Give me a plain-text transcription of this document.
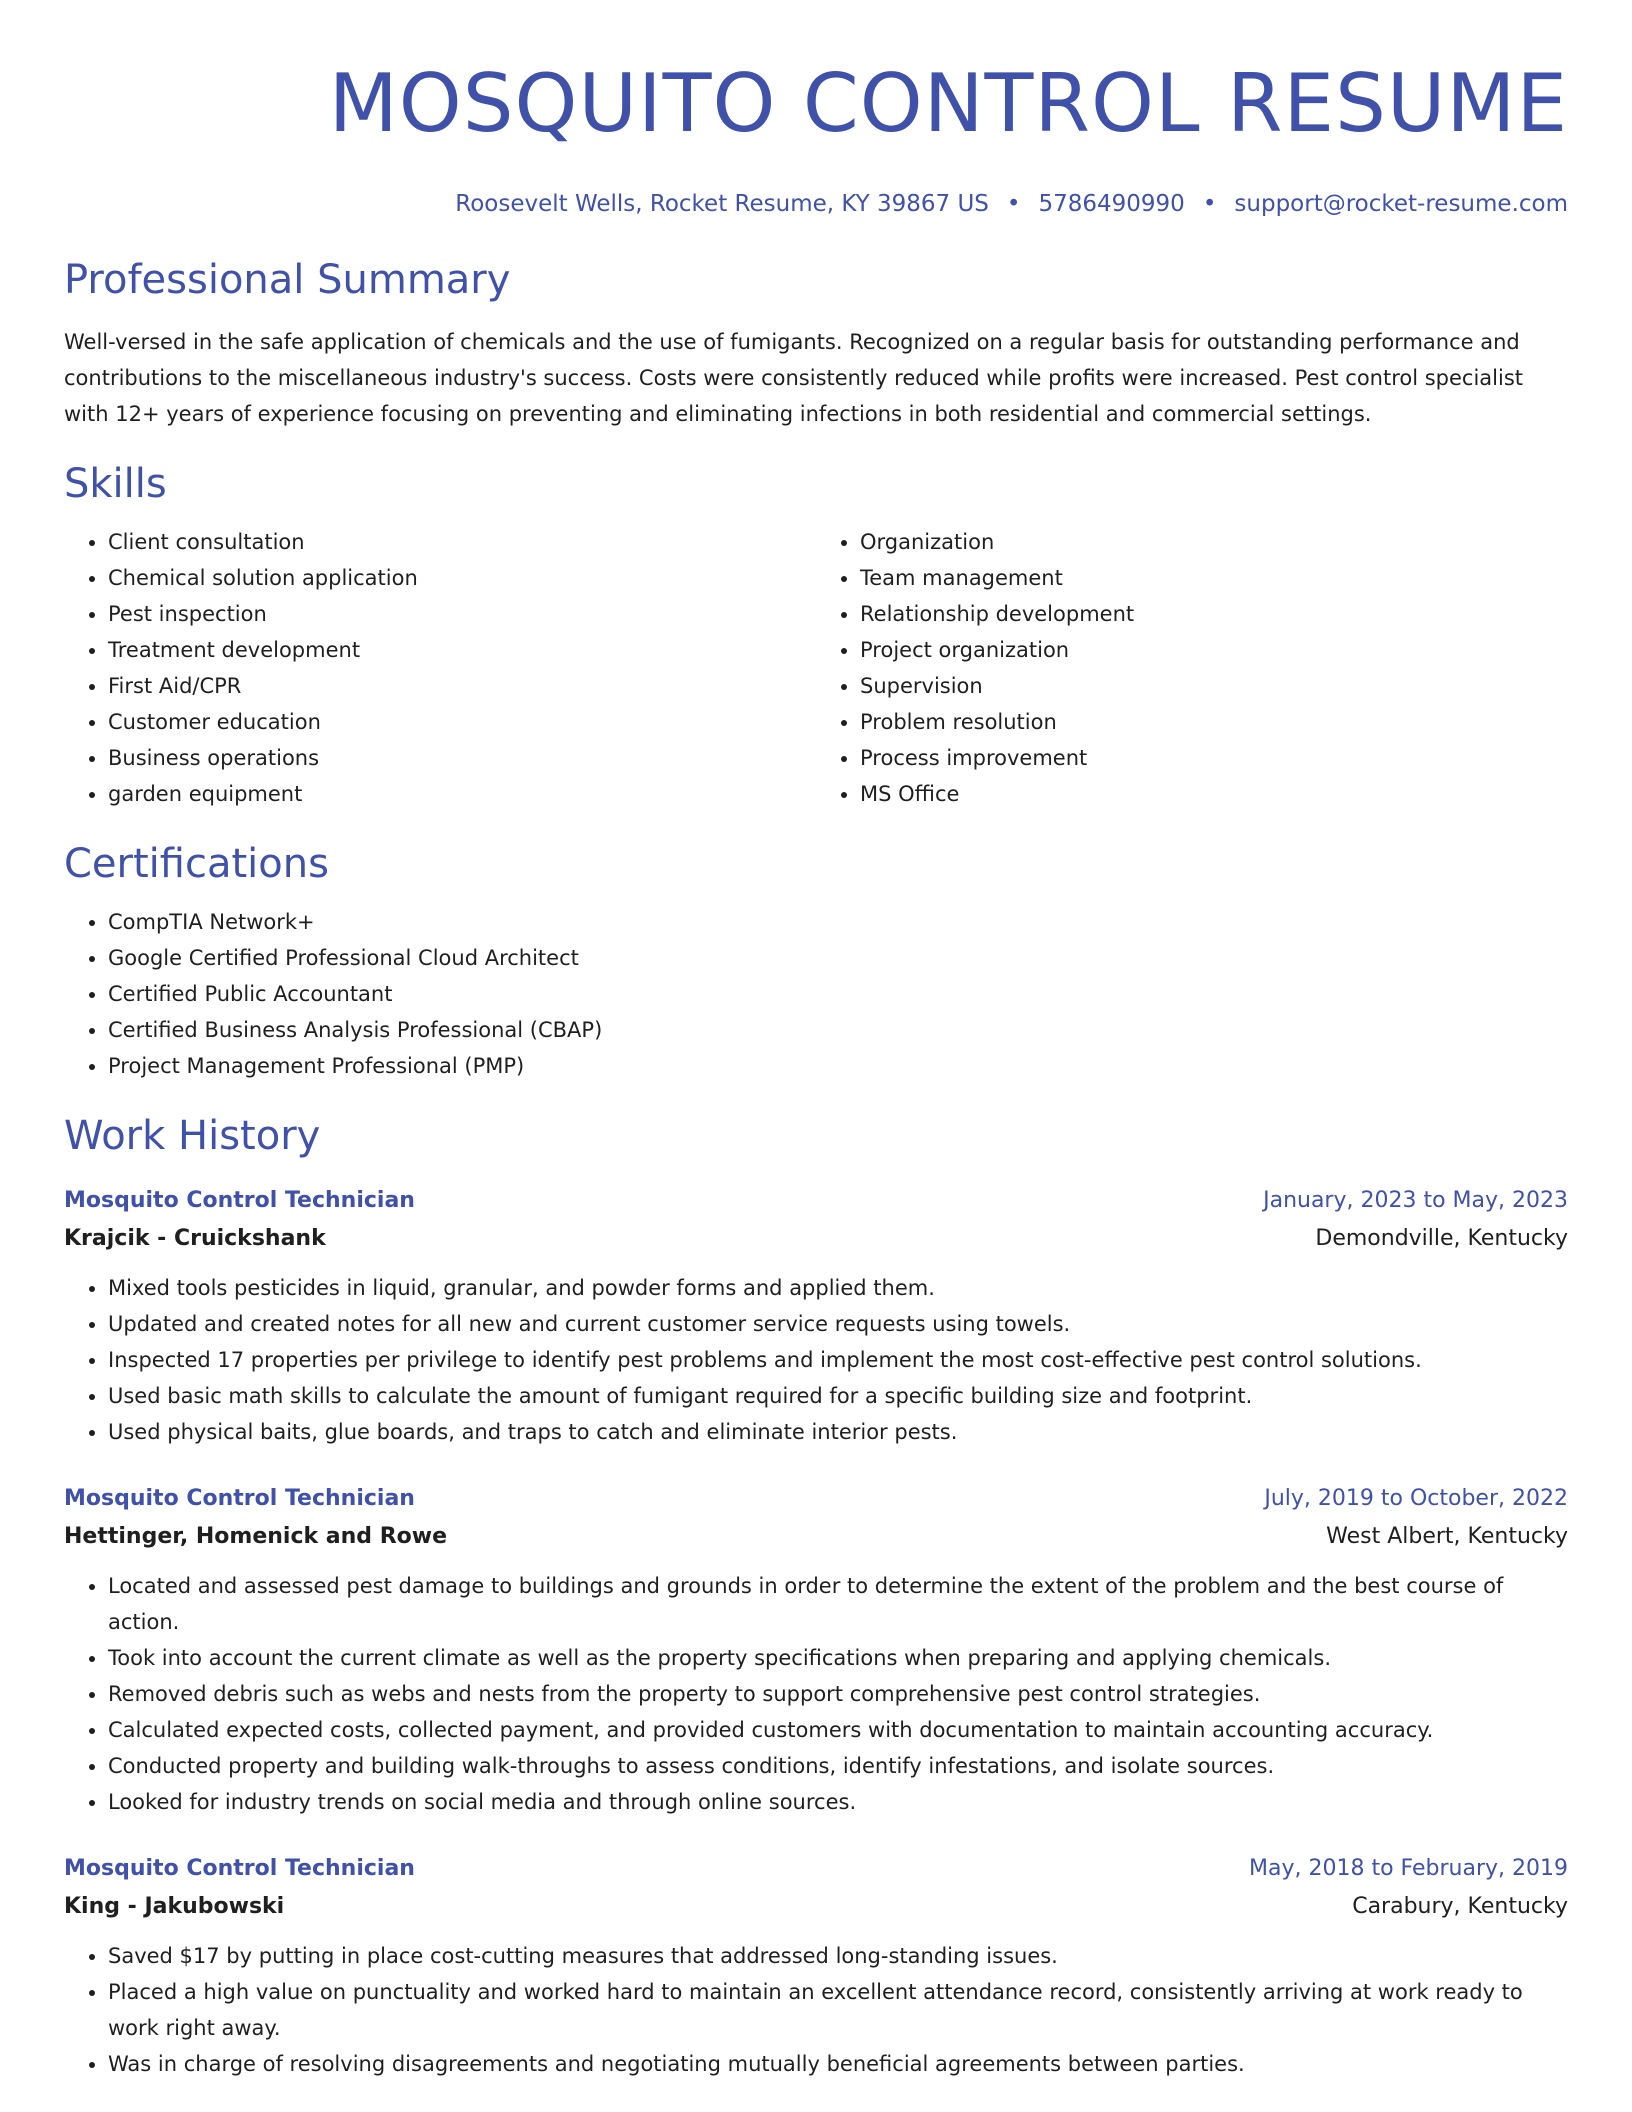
MOSQUITO CONTROL RESUME
Roosevelt Wells, Rocket Resume, KY 39867 US • 5786490990 • support@rocket-resume.com
Professional Summary
Well-versed in the safe application of chemicals and the use of fumigants. Recognized on a regular basis for outstanding performance and contributions to the miscellaneous industry's success. Costs were consistently reduced while profits were increased. Pest control specialist with 12+ years of experience focusing on preventing and eliminating infections in both residential and commercial settings.
Skills
• Client consultation
• Chemical solution application
• Pest inspection
• Treatment development
• First Aid/CPR
• Customer education
• Business operations
• garden equipment
• Organization
• Team management
• Relationship development
• Project organization
• Supervision
• Problem resolution
• Process improvement
• MS Office
Certifications
• CompTIA Network+
• Google Certified Professional Cloud Architect
• Certified Public Accountant
• Certified Business Analysis Professional (CBAP)
• Project Management Professional (PMP)
Work History
Mosquito Control Technician	January, 2023 to May, 2023
Krajcik - Cruickshank	Demondville, Kentucky
• Mixed tools pesticides in liquid, granular, and powder forms and applied them.
• Updated and created notes for all new and current customer service requests using towels.
• Inspected 17 properties per privilege to identify pest problems and implement the most cost-effective pest control solutions.
• Used basic math skills to calculate the amount of fumigant required for a specific building size and footprint.
• Used physical baits, glue boards, and traps to catch and eliminate interior pests.
Mosquito Control Technician	July, 2019 to October, 2022
Hettinger, Homenick and Rowe	West Albert, Kentucky
• Located and assessed pest damage to buildings and grounds in order to determine the extent of the problem and the best course of action.
• Took into account the current climate as well as the property specifications when preparing and applying chemicals.
• Removed debris such as webs and nests from the property to support comprehensive pest control strategies.
• Calculated expected costs, collected payment, and provided customers with documentation to maintain accounting accuracy.
• Conducted property and building walk-throughs to assess conditions, identify infestations, and isolate sources.
• Looked for industry trends on social media and through online sources.
Mosquito Control Technician	May, 2018 to February, 2019
King - Jakubowski	Carabury, Kentucky
• Saved $17 by putting in place cost-cutting measures that addressed long-standing issues.
• Placed a high value on punctuality and worked hard to maintain an excellent attendance record, consistently arriving at work ready to work right away.
• Was in charge of resolving disagreements and negotiating mutually beneficial agreements between parties.
